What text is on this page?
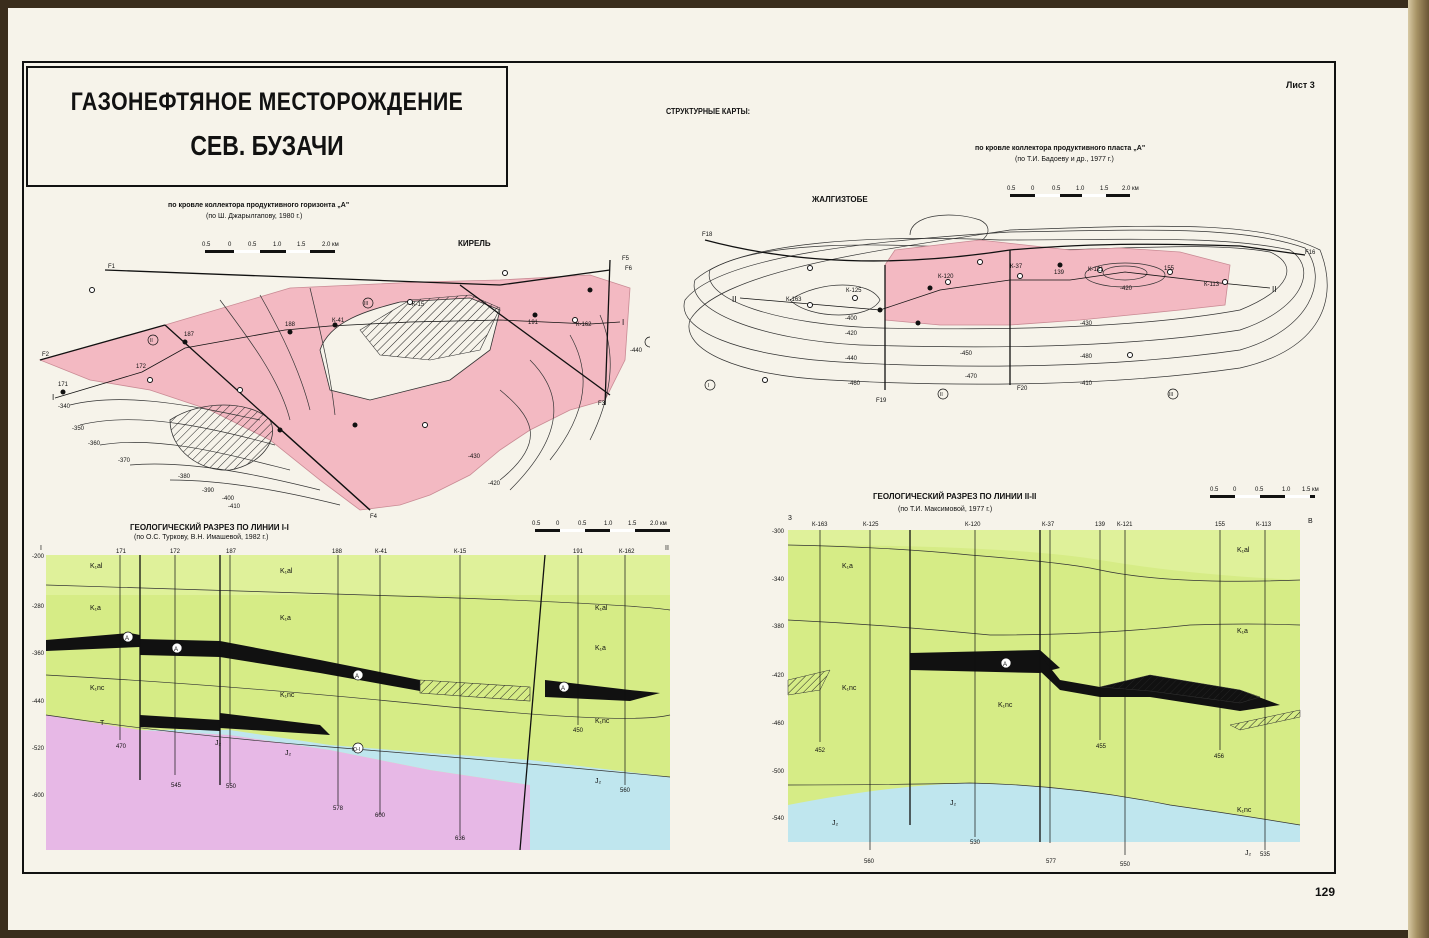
ГАЗОНЕФТЯНОЕ МЕСТОРОЖДЕНИЕ
СЕВ. БУЗАЧИ
Лист 3
СТРУКТУРНЫЕ КАРТЫ:
129
по кровле коллектора продуктивного горизонта „А"
(по Ш. Джарылгапову, 1980 г.)
КИРЕЛЬ
по кровле коллектора продуктивного пласта „А"
(по Т.И. Бадоеву и др., 1977 г.)
ЖАЛГИЗТОБЕ
ГЕОЛОГИЧЕСКИЙ РАЗРЕЗ ПО ЛИНИИ I-I
(по О.С. Туркову, В.Н. Имашевой, 1982 г.)
ГЕОЛОГИЧЕСКИЙ РАЗРЕЗ ПО ЛИНИИ II-II
(по Т.И. Максимовой, 1977 г.)
0.5	0	0.5	1.0	1.5	2.0 км
I
I
171
172
187
188
К-41
К-15
191	К-162
-340
-350
-360
-370
-380
-390
-400
-410
-430
-420
-440
F1
F2
F3
F4
F5
F6
II
III
0.5	0	0.5	1.0	1.5 2.0 км
II
II
К-163
К-125
К-120
К-37
139	К-121	155
К-113
-400
-420
-440
-460
-450
-470
-430
-480
-410
-420
F18
F19
F20
F16
I
II	III
0.5	0	0.5	1.0	1.5 2.0 км
I	II
171	172	187	188	К-41	К-15	191	К-162
-200
-280
-360
-440
-520
-600
470
545	550
578
600
636
450
560
K₁al
K₁a
K₁nc
T
J₂
K₁al
K₁a
K₁nc
J₂
K₁al
K₁a
K₁nc
J₂
A
A
A
A
Ю-I
0.5 0	0.5	1.0 1.5 км
3	В
К-163	К-125	К-120	К-37	139 К-121	155	К-113
-300
-340
-380
-420
-460
-500
-540
452
560
530
577
455
550
456
535
K₁al
K₁a
K₁a
K₁nc
K₁nc
K₁nc
J₂
J₂
J₂
A
